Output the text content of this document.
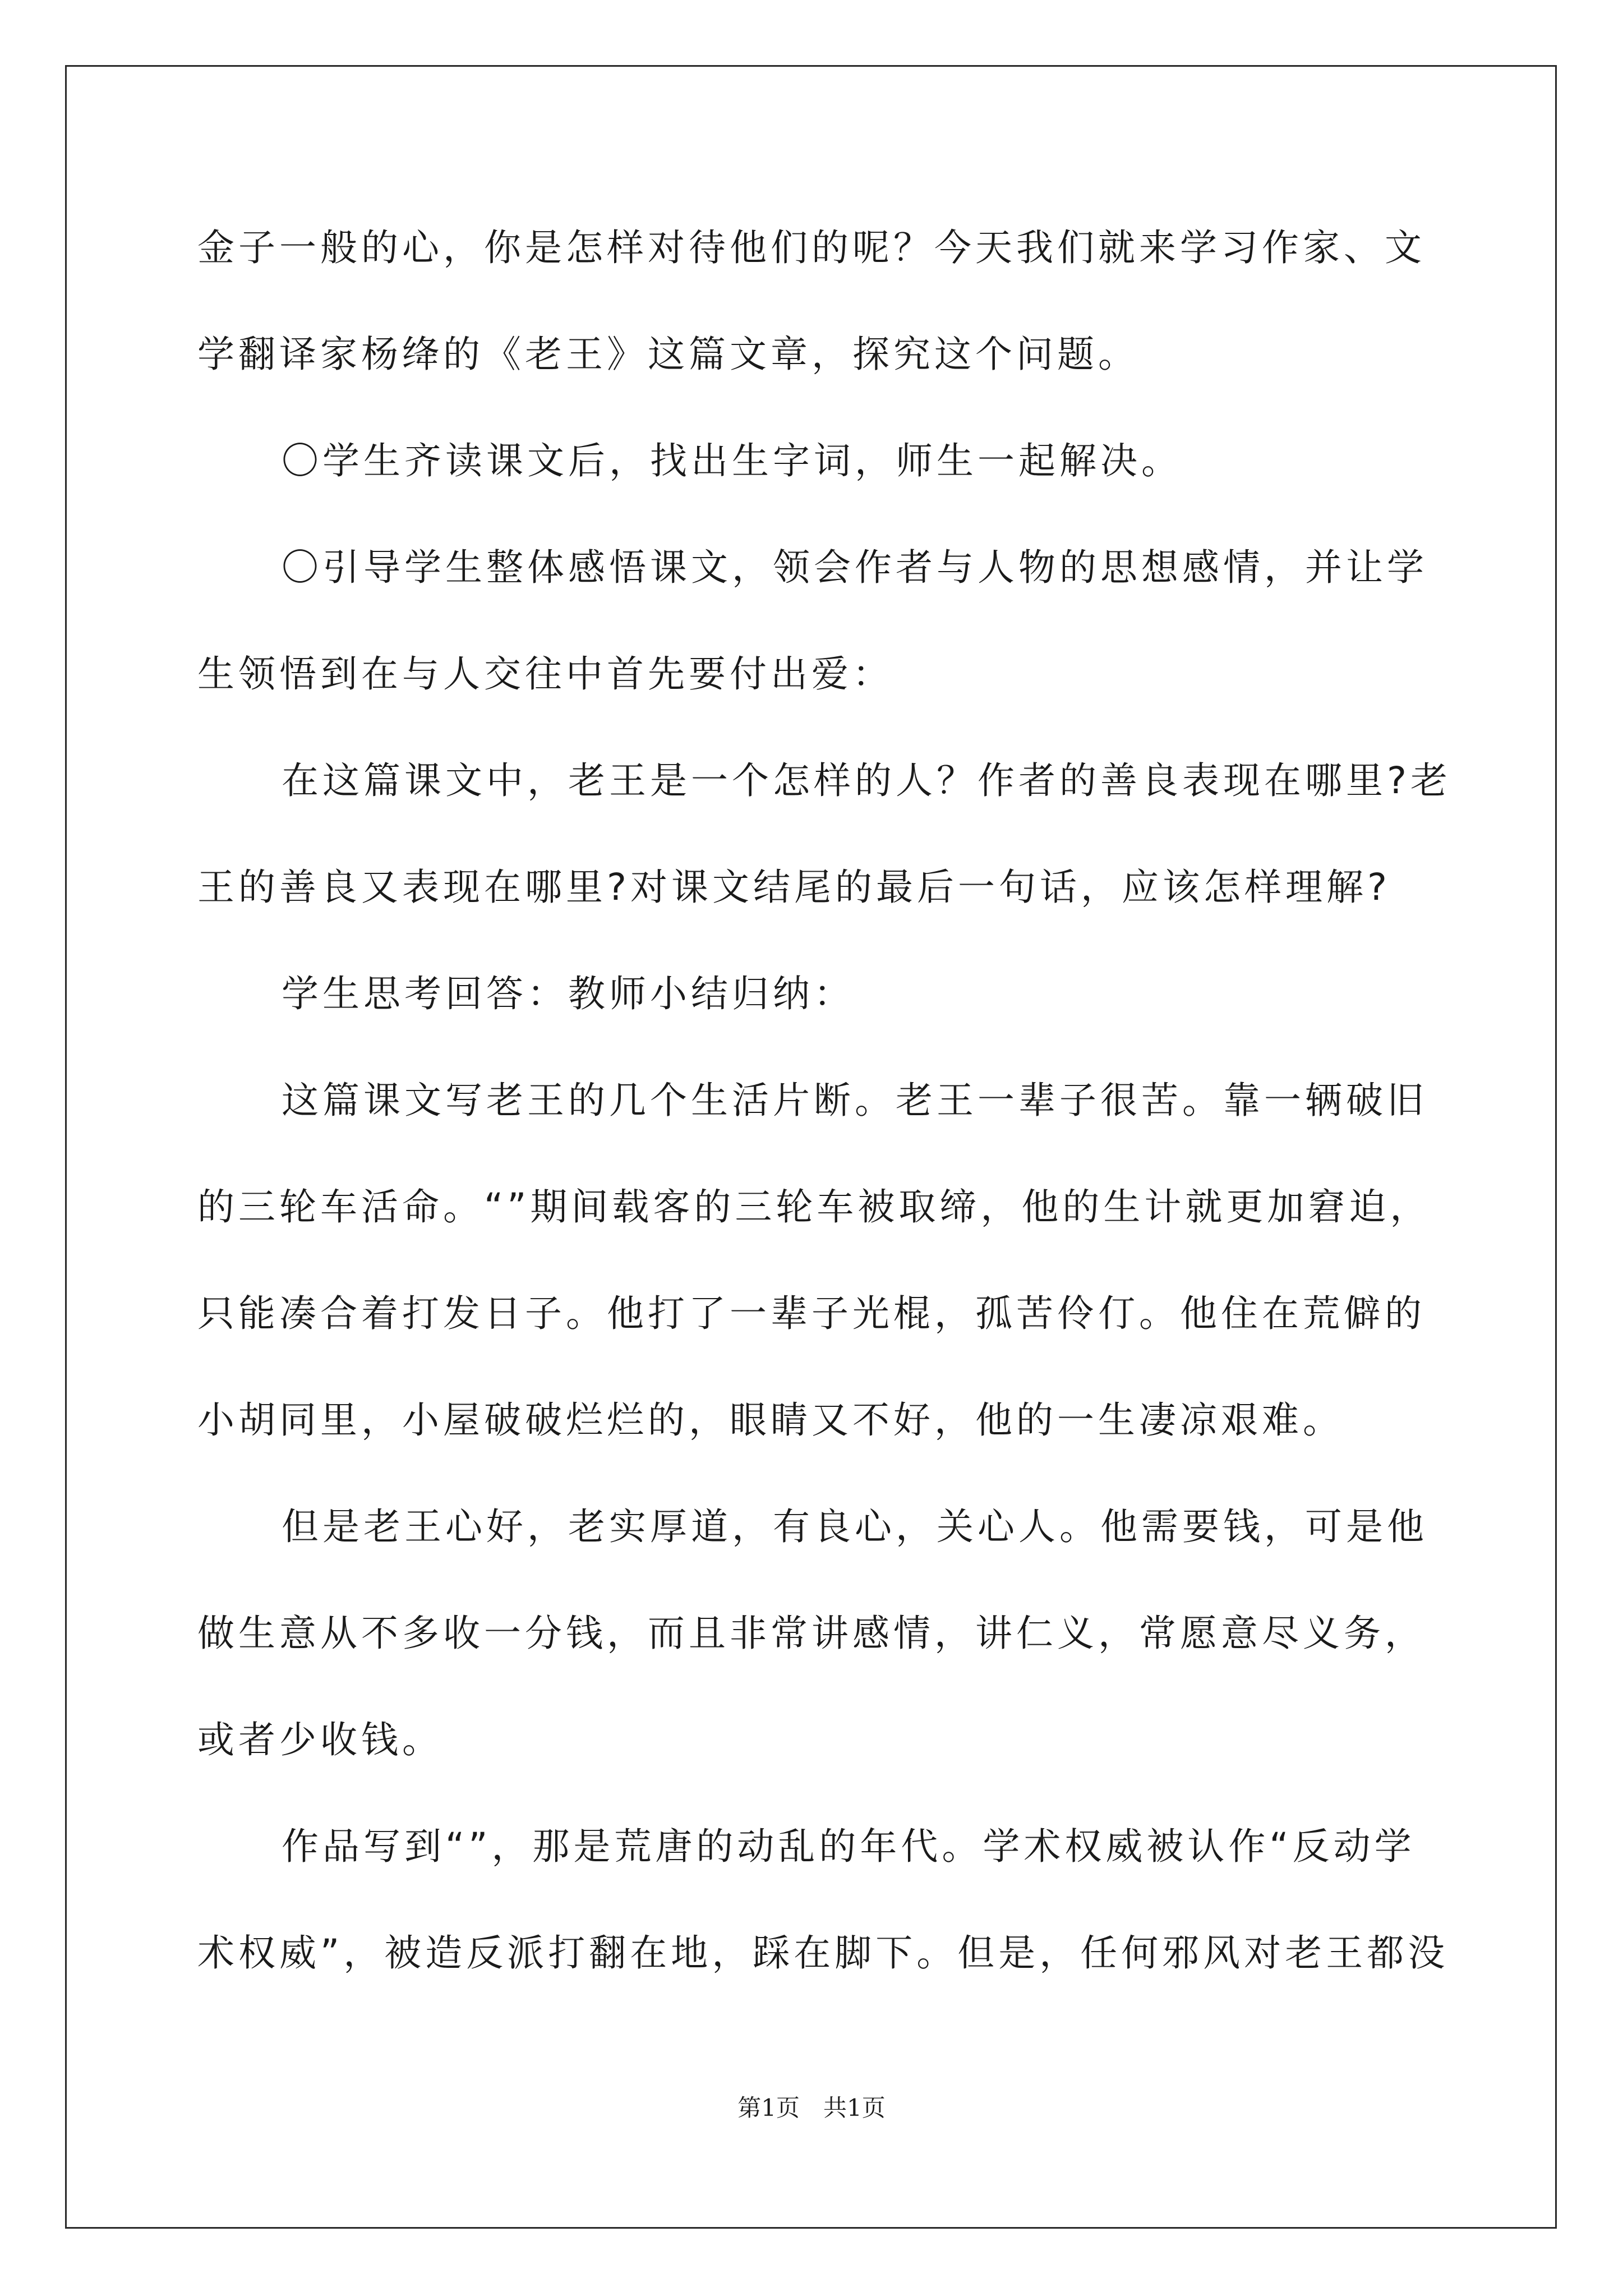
金子一般的心，你是怎样对待他们的呢？今天我们就来学习作家、文
学翻译家杨绛的《老王》这篇文章，探究这个问题。
〇学生齐读课文后，找出生字词，师生一起解决。
〇引导学生整体感悟课文，领会作者与人物的思想感情，并让学
生领悟到在与人交往中首先要付出爱：
在这篇课文中，老王是一个怎样的人？作者的善良表现在哪里?老
王的善良又表现在哪里?对课文结尾的最后一句话，应该怎样理解?
学生思考回答：教师小结归纳：
这篇课文写老王的几个生活片断。老王一辈子很苦。靠一辆破旧
的三轮车活命。“”期间载客的三轮车被取缔，他的生计就更加窘迫，
只能凑合着打发日子。他打了一辈子光棍，孤苦伶仃。他住在荒僻的
小胡同里，小屋破破烂烂的，眼睛又不好，他的一生凄凉艰难。
但是老王心好，老实厚道，有良心，关心人。他需要钱，可是他
做生意从不多收一分钱，而且非常讲感情，讲仁义，常愿意尽义务，
或者少收钱。
作品写到“”，那是荒唐的动乱的年代。学术权威被认作“反动学
术权威”，被造反派打翻在地，踩在脚下。但是，任何邪风对老王都没
第1页 共1页
